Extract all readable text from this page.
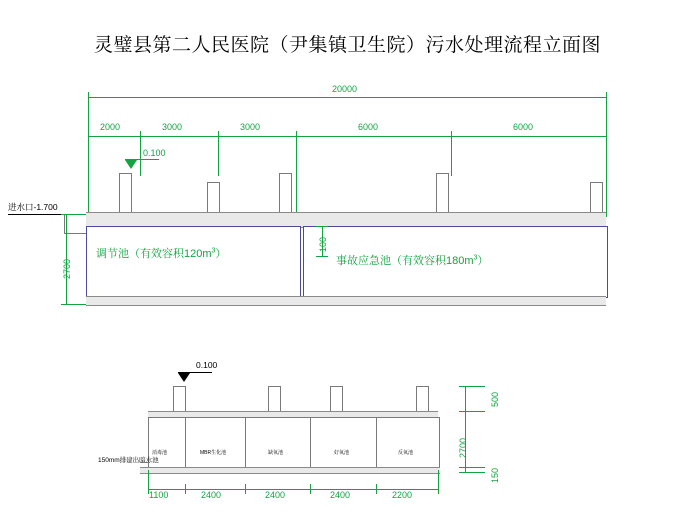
灵璧县第二人民医院（尹集镇卫生院）污水处理流程立面图
20000
2000	3000	3000	6000	6000
0.100
进水口-1.700
调节池（有效容积$120m^3$）
事故应急池（有效容积$180m^3$）
2700
100
0.100
消毒池	MBR生化池	缺氧池	好氧池	反氧池
150mm排建出暗水池
1100	2400	2400	2400	2200
500
2700
150
